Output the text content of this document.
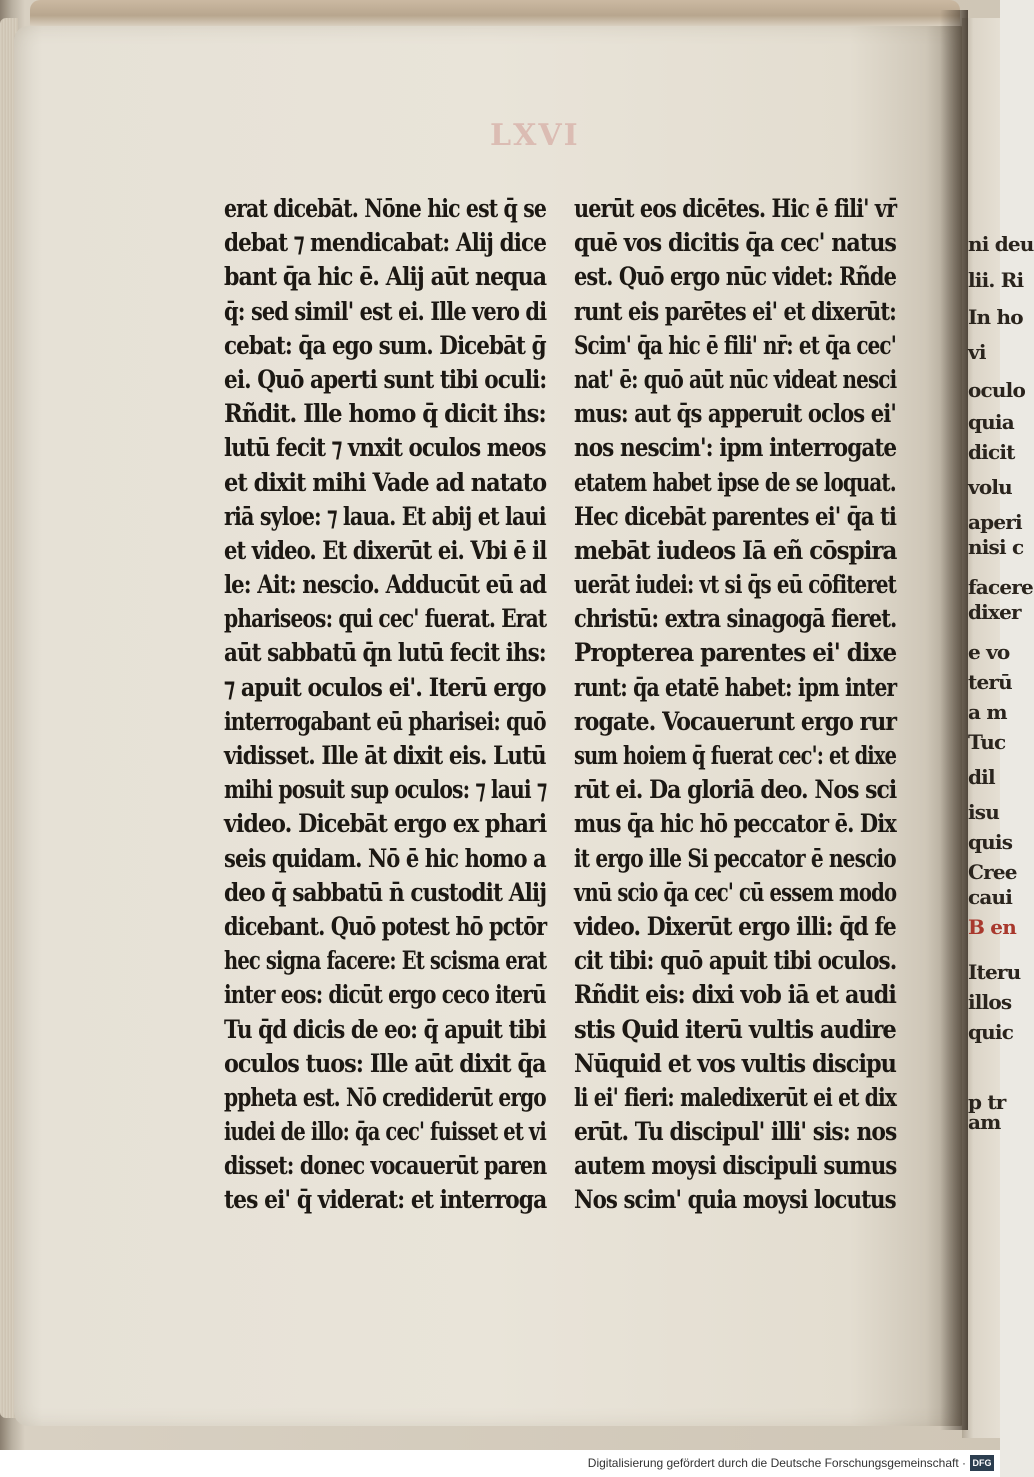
LXVI
erat dicebāt. Nōne hic est q̄ se
debat ⁊ mendicabat: Alij dice
bant q̄a hic ē. Alij aūt nequa
q̄: sed simil' est ei. Ille vero di
cebat: q̄a ego sum. Dicebāt ḡ
ei. Quō aperti sunt tibi oculi:
Rñdit. Ille homo q̄ dicit ihs:
lutū fecit ⁊ vnxit oculos meos
et dixit mihi Vade ad natato
riā syloe: ⁊ laua. Et abij et laui
et video. Et dixerūt ei. Vbi ē il
le: Ait: nescio. Adducūt eū ad
phariseos: qui cec' fuerat. Erat
aūt sabbatū q̄n lutū fecit ihs:
⁊ apuit oculos ei'. Iterū ergo
interrogabant eū pharisei: quō
vidisset. Ille āt dixit eis. Lutū
mihi posuit sup oculos: ⁊ laui ⁊
video. Dicebāt ergo ex phari
seis quidam. Nō ē hic homo a
deo q̄ sabbatū n̄ custodit Alij
dicebant. Quō potest hō pctōr
hec signa facere: Et scisma erat
inter eos: dicūt ergo ceco iterū
Tu q̄d dicis de eo: q̄ apuit tibi
oculos tuos: Ille aūt dixit q̄a
ppheta est. Nō crediderūt ergo
iudei de illo: q̄a cec' fuisset et vi
disset: donec vocauerūt paren
tes ei' q̄ viderat: et interroga
uerūt eos dicētes. Hic ē fili' vr̄
quē vos dicitis q̄a cec' natus
est. Quō ergo nūc videt: Rñde
runt eis parētes ei' et dixerūt:
Scim' q̄a hic ē fili' nr̄: et q̄a cec'
nat' ē: quō aūt nūc videat nesci
mus: aut q̄s apperuit oclos ei'
nos nescim': ipm interrogate
etatem habet ipse de se loquat.
Hec dicebāt parentes ei' q̄a ti
mebāt iudeos Iā eñ cōspira
uerāt iudei: vt si q̄s eū cōfiteret
christū: extra sinagogā fieret.
Propterea parentes ei' dixe
runt: q̄a etatē habet: ipm inter
rogate. Vocauerunt ergo rur
sum hoiem q̄ fuerat cec': et dixe
rūt ei. Da gloriā deo. Nos sci
mus q̄a hic hō peccator ē. Dix
it ergo ille Si peccator ē nescio
vnū scio q̄a cec' cū essem modo
video. Dixerūt ergo illi: q̄d fe
cit tibi: quō apuit tibi oculos.
Rñdit eis: dixi vob iā et audi
stis Quid iterū vultis audire
Nūquid et vos vultis discipu
li ei' fieri: maledixerūt ei et dix
erūt. Tu discipul' illi' sis: nos
autem moysi discipuli sumus
Nos scim' quia moysi locutus
ni deu
lii. Ri
In ho
vi
oculo
quia
dicit
volu
aperi
nisi c
facere
dixer
e vo
terū
a m
Tuc
dil
isu
quis
Cree
caui
B en
Iteru
illos
quic
p tr
am
Digitalisierung gefördert durch die Deutsche Forschungsgemeinschaft · DFG
